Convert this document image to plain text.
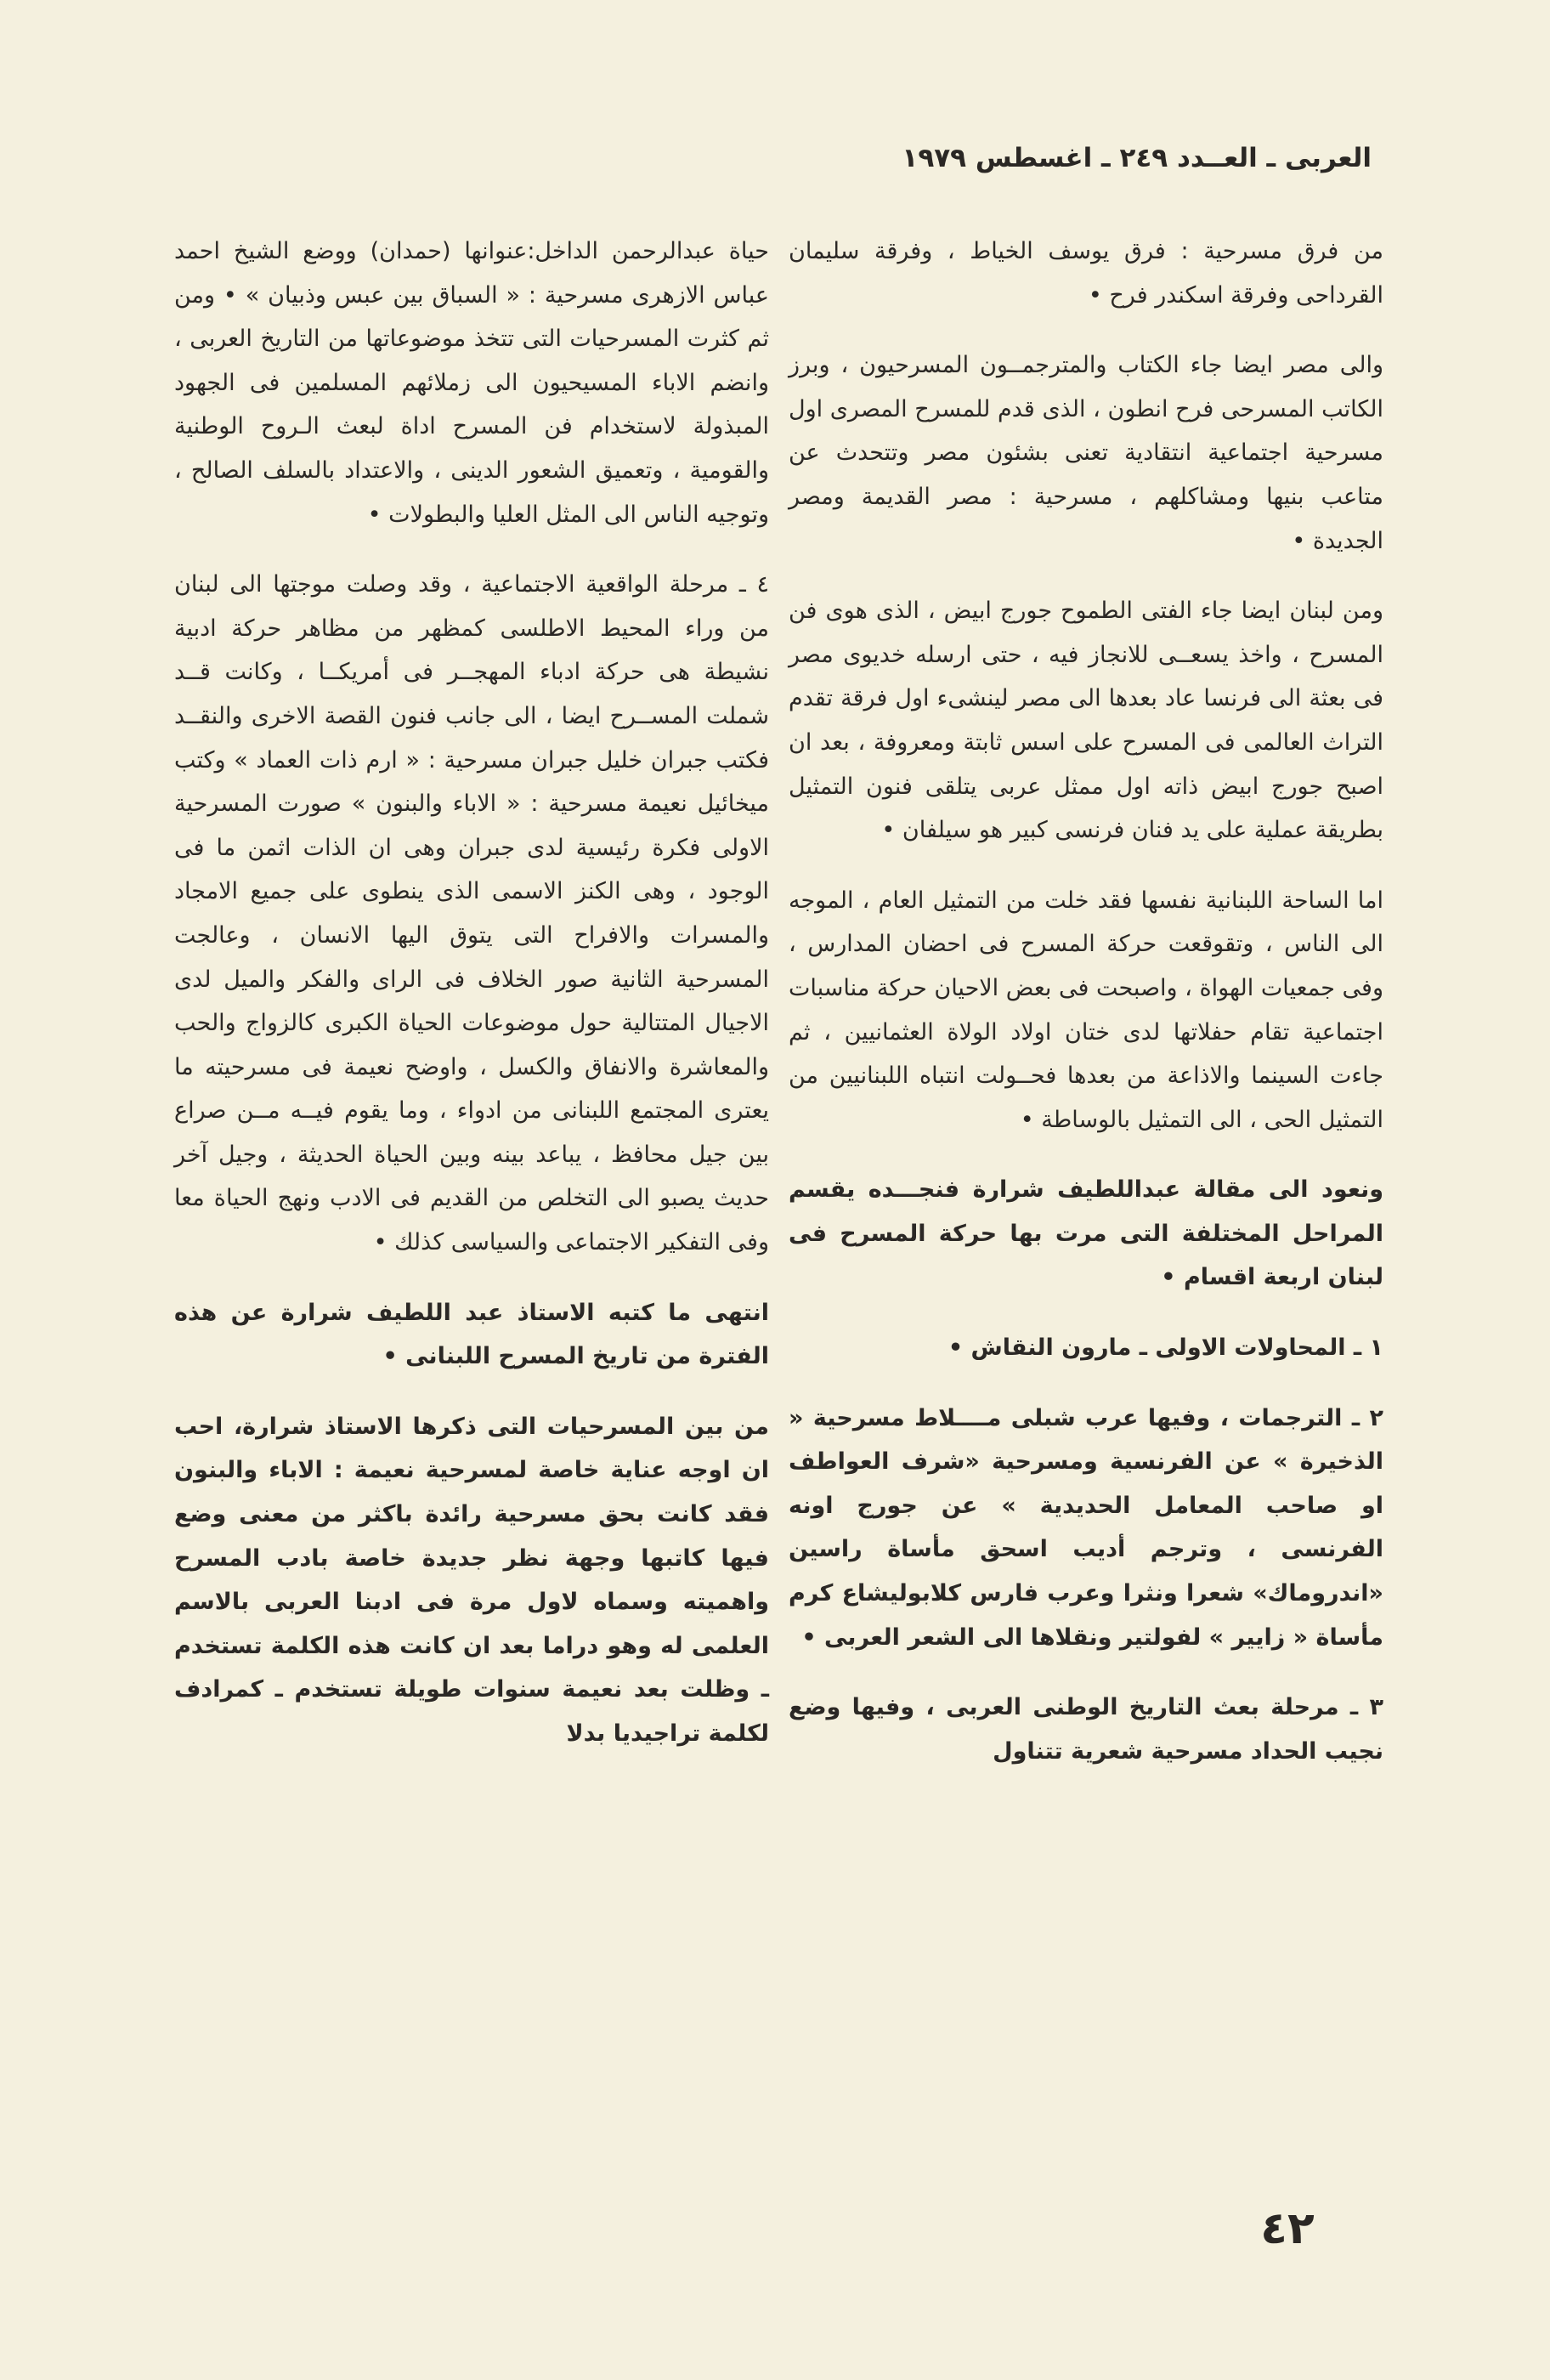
العربى ـ العــدد ٢٤٩ ـ اغسطس ١٩٧٩

من فرق مسرحية : فرق يوسف الخياط ، وفرقة سليمان القرداحى وفرقة اسكندر فرح •

والى مصر ايضا جاء الكتاب والمترجمــون المسرحيون ، وبرز الكاتب المسرحى فرح انطون ، الذى قدم للمسرح المصرى اول مسرحية اجتماعية انتقادية تعنى بشئون مصر وتتحدث عن متاعب بنيها ومشاكلهم ، مسرحية : مصر القديمة ومصر الجديدة •

ومن لبنان ايضا جاء الفتى الطموح جورج ابيض ، الذى هوى فن المسرح ، واخذ يسعــى للانجاز فيه ، حتى ارسله خديوى مصر فى بعثة الى فرنسا عاد بعدها الى مصر لينشىء اول فرقة تقدم التراث العالمى فى المسرح على اسس ثابتة ومعروفة ، بعد ان اصبح جورج ابيض ذاته اول ممثل عربى يتلقى فنون التمثيل بطريقة عملية على يد فنان فرنسى كبير هو سيلفان •

اما الساحة اللبنانية نفسها فقد خلت من التمثيل العام ، الموجه الى الناس ، وتقوقعت حركة المسرح فى احضان المدارس ، وفى جمعيات الهواة ، واصبحت فى بعض الاحيان حركة مناسبات اجتماعية تقام حفلاتها لدى ختان اولاد الولاة العثمانيين ، ثم جاءت السينما والاذاعة من بعدها فحــولت انتباه اللبنانيين من التمثيل الحى ، الى التمثيل بالوساطة •

ونعود الى مقالة عبداللطيف شرارة فنجـــده يقسم المراحل المختلفة التى مرت بها حركة المسرح فى لبنان اربعة اقسام •

١ ـ المحاولات الاولى ـ مارون النقاش •

٢ ـ الترجمات ، وفيها عرب شبلى مــــلاط مسرحية « الذخيرة » عن الفرنسية ومسرحية «شرف العواطف او صاحب المعامل الحديدية » عن جورج اونه الفرنسى ، وترجم أديب اسحق مأساة راسين «اندروماك» شعرا ونثرا وعرب فارس كلابوليشاع كرم مأساة « زايير » لفولتير ونقلاها الى الشعر العربى •

٣ ـ مرحلة بعث التاريخ الوطنى العربى ، وفيها وضع نجيب الحداد مسرحية شعرية تتناول

حياة عبدالرحمن الداخل:عنوانها (حمدان) ووضع الشيخ احمد عباس الازهرى مسرحية : « السباق بين عبس وذبيان » • ومن ثم كثرت المسرحيات التى تتخذ موضوعاتها من التاريخ العربى ، وانضم الاباء المسيحيون الى زملائهم المسلمين فى الجهود المبذولة لاستخدام فن المسرح اداة لبعث الـروح الوطنية والقومية ، وتعميق الشعور الدينى ، والاعتداد بالسلف الصالح ، وتوجيه الناس الى المثل العليا والبطولات •

٤ ـ مرحلة الواقعية الاجتماعية ، وقد وصلت موجتها الى لبنان من وراء المحيط الاطلسى كمظهر من مظاهر حركة ادبية نشيطة هى حركة ادباء المهجــر فى أمريكــا ، وكانت قــد شملت المســرح ايضا ، الى جانب فنون القصة الاخرى والنقــد فكتب جبران خليل جبران مسرحية : « ارم ذات العماد » وكتب ميخائيل نعيمة مسرحية : « الاباء والبنون » صورت المسرحية الاولى فكرة رئيسية لدى جبران وهى ان الذات اثمن ما فى الوجود ، وهى الكنز الاسمى الذى ينطوى على جميع الامجاد والمسرات والافراح التى يتوق اليها الانسان ، وعالجت المسرحية الثانية صور الخلاف فى الراى والفكر والميل لدى الاجيال المتتالية حول موضوعات الحياة الكبرى كالزواج والحب والمعاشرة والانفاق والكسل ، واوضح نعيمة فى مسرحيته ما يعترى المجتمع اللبنانى من ادواء ، وما يقوم فيــه مــن صراع بين جيل محافظ ، يباعد بينه وبين الحياة الحديثة ، وجيل آخر حديث يصبو الى التخلص من القديم فى الادب ونهج الحياة معا وفى التفكير الاجتماعى والسياسى كذلك •

انتهى ما كتبه الاستاذ عبد اللطيف شرارة عن هذه الفترة من تاريخ المسرح اللبنانى •

من بين المسرحيات التى ذكرها الاستاذ شرارة، احب ان اوجه عناية خاصة لمسرحية نعيمة : الاباء والبنون فقد كانت بحق مسرحية رائدة باكثر من معنى وضع فيها كاتبها وجهة نظر جديدة خاصة بادب المسرح واهميته وسماه لاول مرة فى ادبنا العربى بالاسم العلمى له وهو دراما بعد ان كانت هذه الكلمة تستخدم ـ وظلت بعد نعيمة سنوات طويلة تستخدم ـ كمرادف لكلمة تراجيديا بدلا

٤٢
